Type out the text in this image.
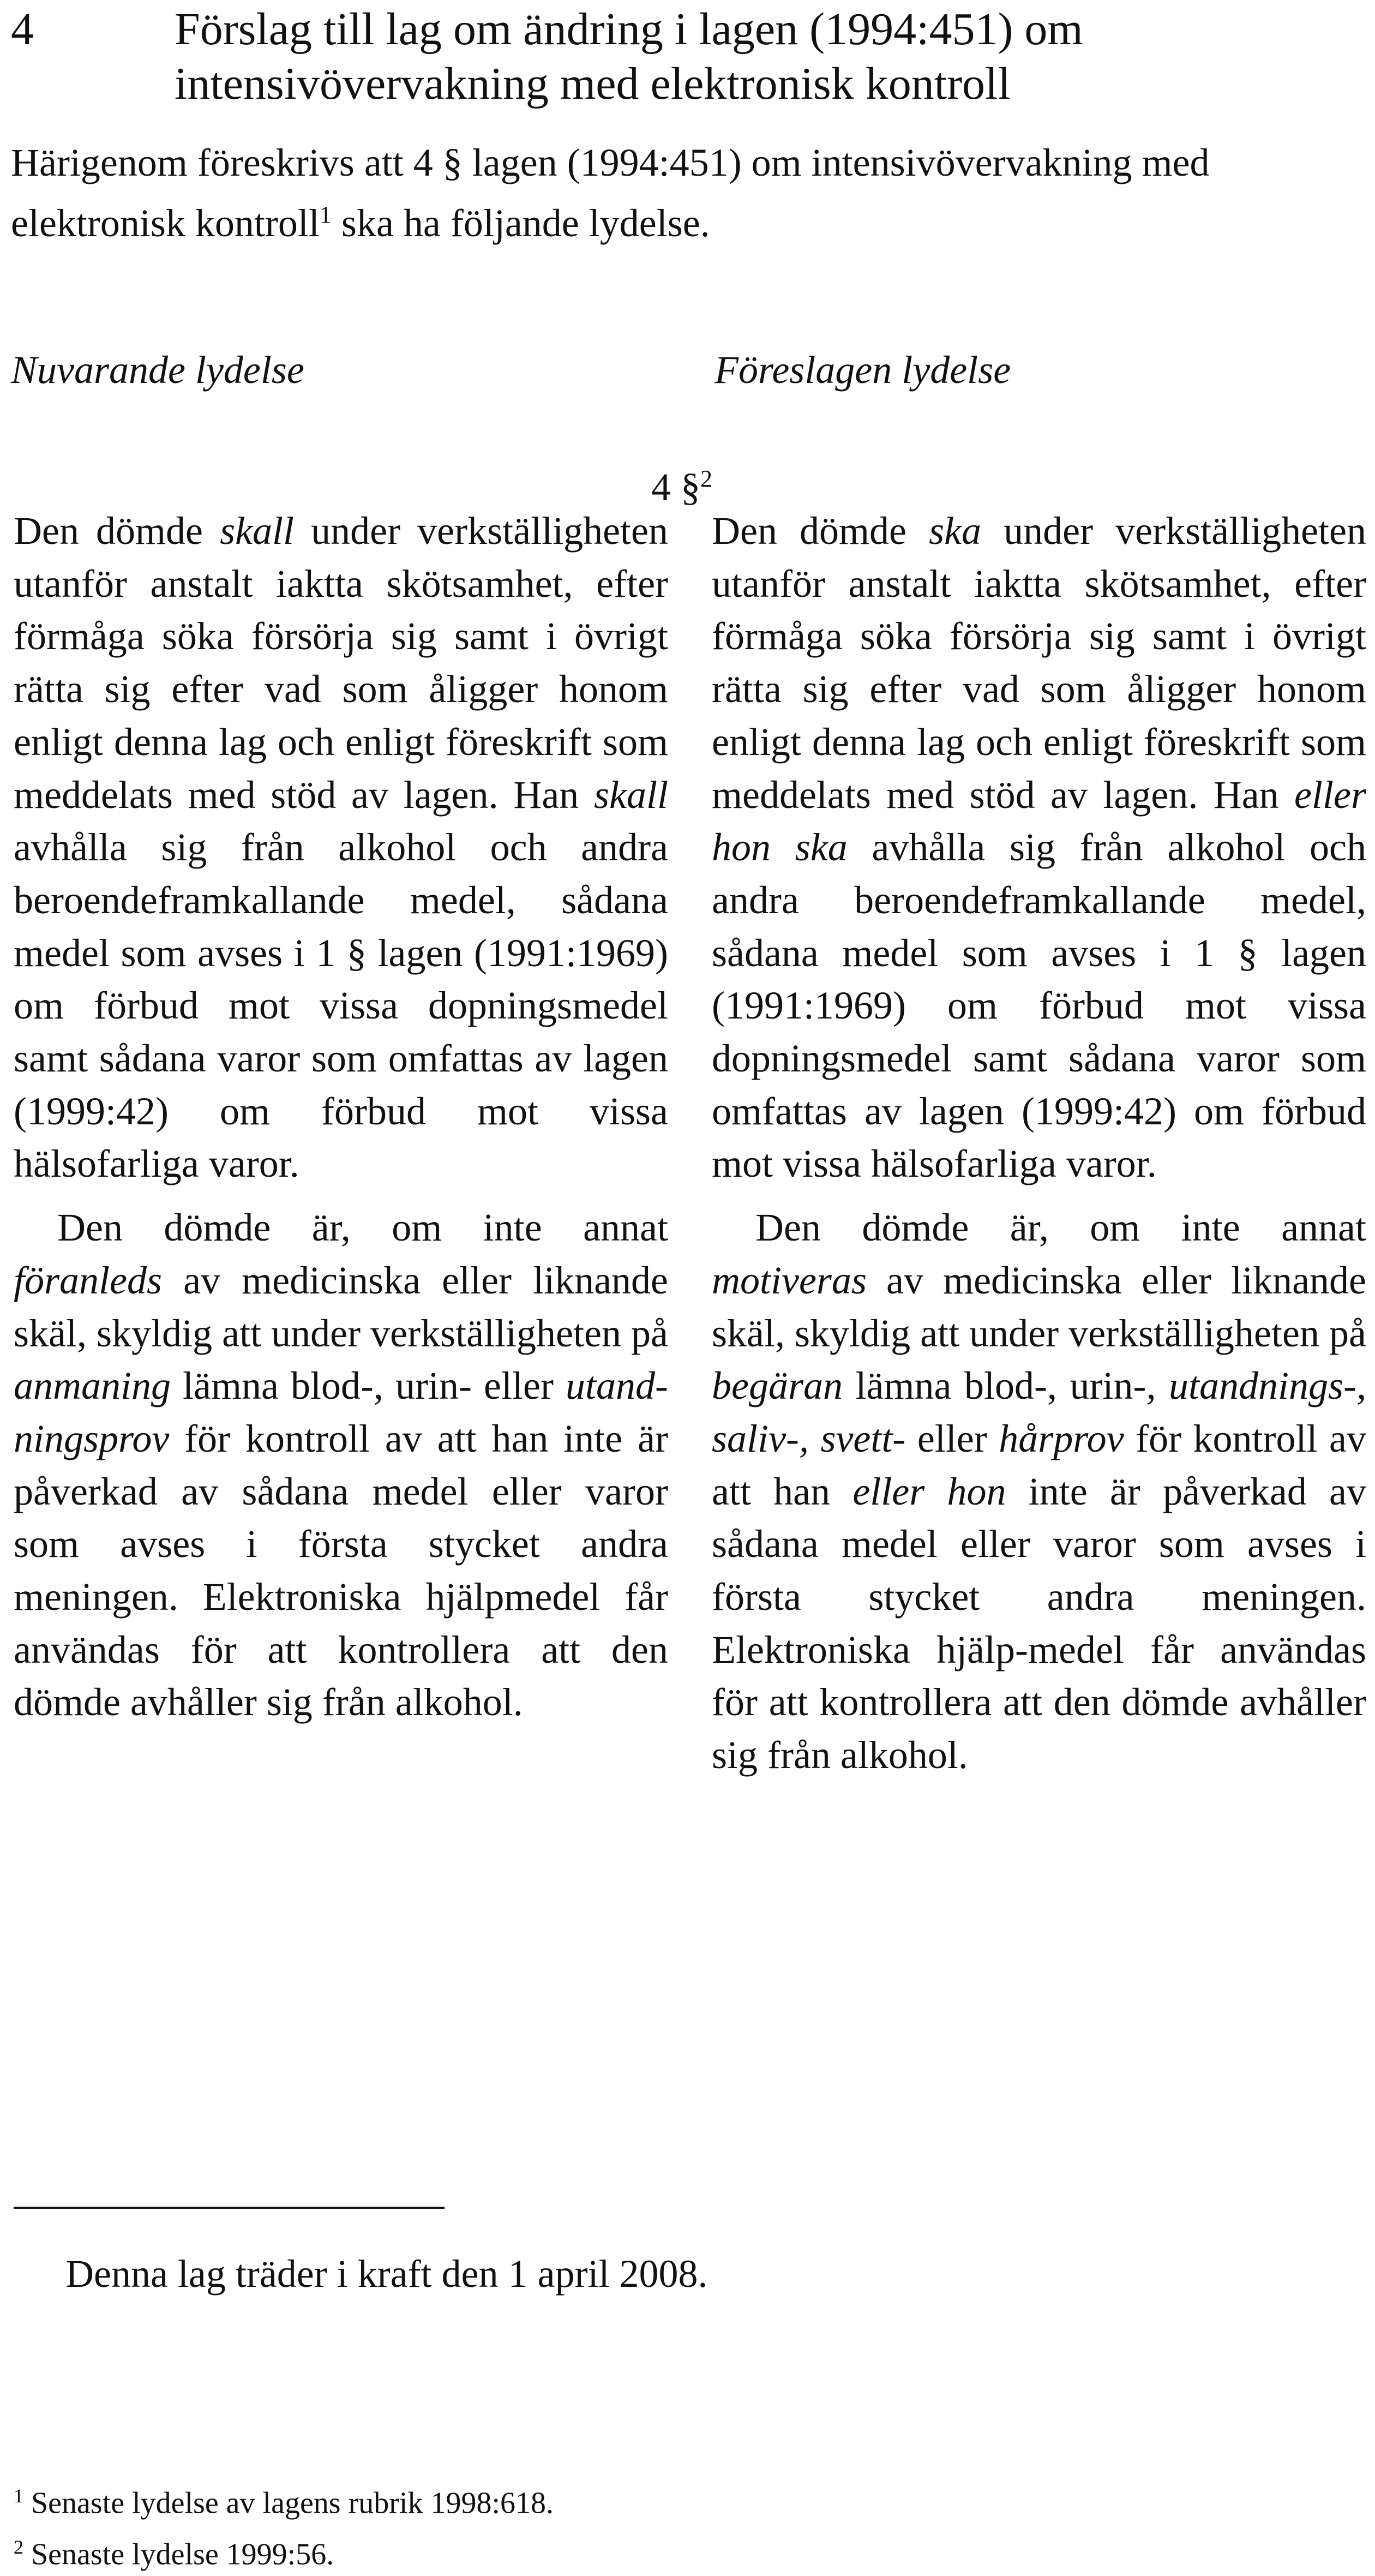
4	Förslag till lag om ändring i lagen (1994:451) om intensivövervakning med elektronisk kontroll
Härigenom föreskrivs att 4 § lagen (1994:451) om intensivövervakning med elektronisk kontroll$^1$ ska ha följande lydelse.
Nuvarande lydelse	Föreslagen lydelse
4 §$^2$

Den dömde skall under verkställigheten utanför anstalt iaktta skötsamhet, efter förmåga söka försörja sig samt i övrigt rätta sig efter vad som åligger honom enligt denna lag och enligt föreskrift som meddelats med stöd av lagen. Han skall avhålla sig från alkohol och andra beroendeframkallande medel, sådana medel som avses i 1 § lagen (1991:1969) om förbud mot vissa dopningsmedel samt sådana varor som omfattas av lagen (1999:42) om förbud mot vissa hälsofarliga varor.

Den dömde är, om inte annat föranleds av medicinska eller liknande skäl, skyldig att under verkställigheten på anmaning lämna blod-, urin- eller utand-ningsprov för kontroll av att han inte är påverkad av sådana medel eller varor som avses i första stycket andra meningen. Elektroniska hjälpmedel får användas för att kontrollera att den dömde avhåller sig från alkohol.

Den dömde ska under verkställigheten utanför anstalt iaktta skötsamhet, efter förmåga söka försörja sig samt i övrigt rätta sig efter vad som åligger honom enligt denna lag och enligt föreskrift som meddelats med stöd av lagen. Han eller hon ska avhålla sig från alkohol och andra beroendeframkallande medel, sådana medel som avses i 1 § lagen (1991:1969) om förbud mot vissa dopningsmedel samt sådana varor som omfattas av lagen (1999:42) om förbud mot vissa hälsofarliga varor.

Den dömde är, om inte annat motiveras av medicinska eller liknande skäl, skyldig att under verkställigheten på begäran lämna blod-, urin-, utandnings-, saliv-, svett- eller hårprov för kontroll av att han eller hon inte är påverkad av sådana medel eller varor som avses i första stycket andra meningen. Elektroniska hjälp-medel får användas för att kontrollera att den dömde avhåller sig från alkohol.

Denna lag träder i kraft den 1 april 2008.
$^1$ Senaste lydelse av lagens rubrik 1998:618.
$^2$ Senaste lydelse 1999:56.
